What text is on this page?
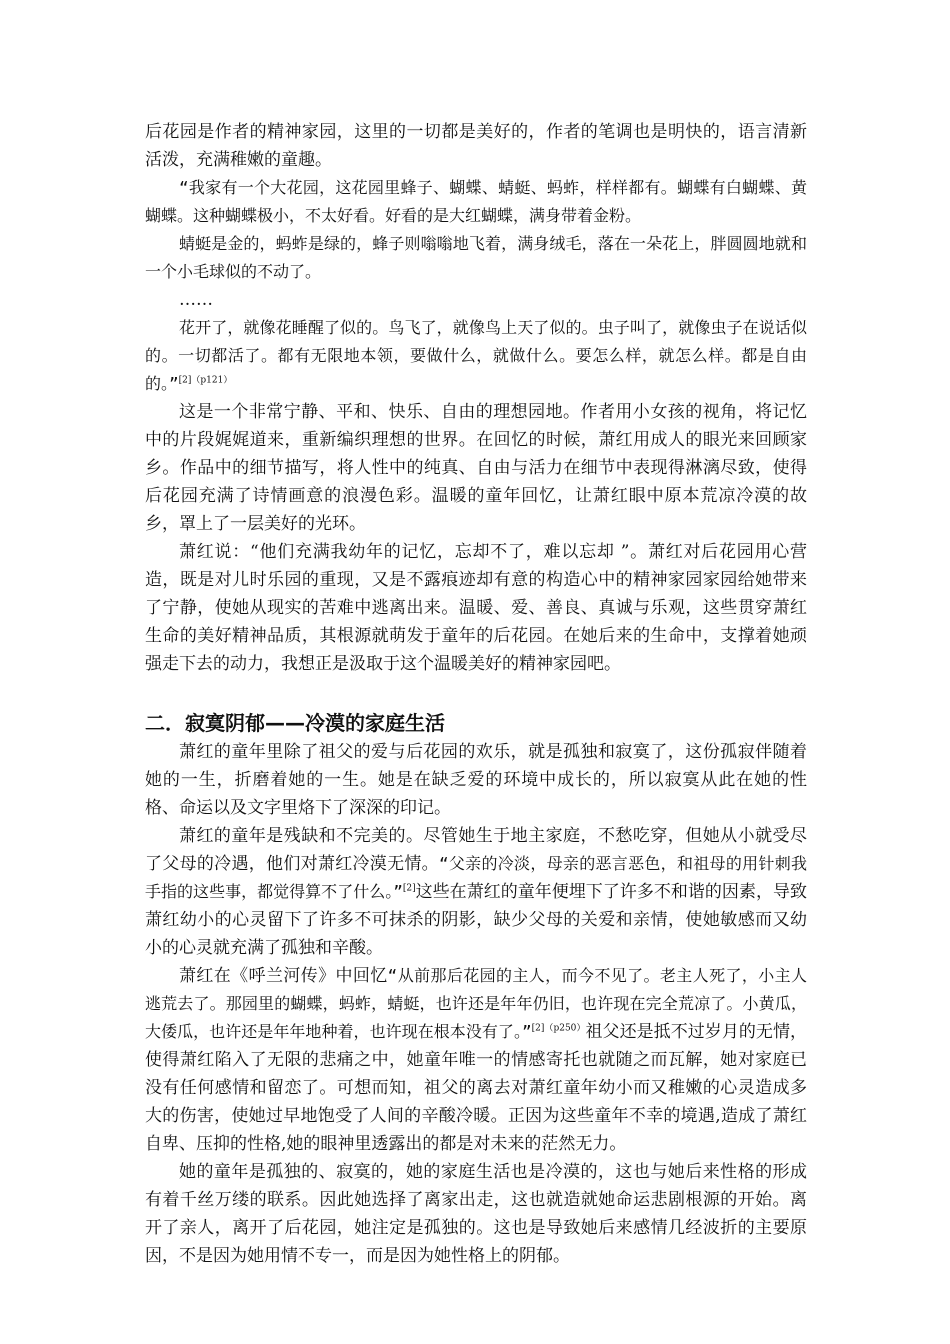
后花园是作者的精神家园，这里的一切都是美好的，作者的笔调也是明快的，语言清新活泼，充满稚嫩的童趣。

“我家有一个大花园，这花园里蜂子、蝴蝶、蜻蜓、蚂蚱，样样都有。蝴蝶有白蝴蝶、黄蝴蝶。这种蝴蝶极小，不太好看。好看的是大红蝴蝶，满身带着金粉。

蜻蜓是金的，蚂蚱是绿的，蜂子则嗡嗡地飞着，满身绒毛，落在一朵花上，胖圆圆地就和一个小毛球似的不动了。

……

花开了，就像花睡醒了似的。鸟飞了，就像鸟上天了似的。虫子叫了，就像虫子在说话似的。一切都活了。都有无限地本领，要做什么，就做什么。要怎么样，就怎么样。都是自由的。”$^{[2](p121)}$

这是一个非常宁静、平和、快乐、自由的理想园地。作者用小女孩的视角，将记忆中的片段娓娓道来，重新编织理想的世界。在回忆的时候，萧红用成人的眼光来回顾家乡。作品中的细节描写，将人性中的纯真、自由与活力在细节中表现得淋漓尽致，使得后花园充满了诗情画意的浪漫色彩。温暖的童年回忆，让萧红眼中原本荒凉冷漠的故乡，罩上了一层美好的光环。

萧红说：“他们充满我幼年的记忆，忘却不了，难以忘却 ”。萧红对后花园用心营造，既是对儿时乐园的重现，又是不露痕迹却有意的构造心中的精神家园家园给她带来了宁静，使她从现实的苦难中逃离出来。温暖、爱、善良、真诚与乐观，这些贯穿萧红生命的美好精神品质，其根源就萌发于童年的后花园。在她后来的生命中，支撑着她顽强走下去的动力，我想正是汲取于这个温暖美好的精神家园吧。

二．寂寞阴郁——冷漠的家庭生活

萧红的童年里除了祖父的爱与后花园的欢乐，就是孤独和寂寞了，这份孤寂伴随着她的一生，折磨着她的一生。她是在缺乏爱的环境中成长的，所以寂寞从此在她的性格、命运以及文字里烙下了深深的印记。

萧红的童年是残缺和不完美的。尽管她生于地主家庭，不愁吃穿，但她从小就受尽了父母的冷遇，他们对萧红冷漠无情。“父亲的冷淡，母亲的恶言恶色，和祖母的用针刺我手指的这些事，都觉得算不了什么。”[2]这些在萧红的童年便埋下了许多不和谐的因素，导致萧红幼小的心灵留下了许多不可抹杀的阴影，缺少父母的关爱和亲情，使她敏感而又幼小的心灵就充满了孤独和辛酸。

萧红在《呼兰河传》中回忆“从前那后花园的主人，而今不见了。老主人死了，小主人逃荒去了。那园里的蝴蝶，蚂蚱，蜻蜓，也许还是年年仍旧，也许现在完全荒凉了。小黄瓜，大倭瓜，也许还是年年地种着，也许现在根本没有了。”$^{[2](p250)}$祖父还是抵不过岁月的无情，使得萧红陷入了无限的悲痛之中，她童年唯一的情感寄托也就随之而瓦解，她对家庭已没有任何感情和留恋了。可想而知，祖父的离去对萧红童年幼小而又稚嫩的心灵造成多大的伤害，使她过早地饱受了人间的辛酸冷暖。正因为这些童年不幸的境遇,造成了萧红自卑、压抑的性格,她的眼神里透露出的都是对未来的茫然无力。

她的童年是孤独的、寂寞的，她的家庭生活也是冷漠的，这也与她后来性格的形成有着千丝万缕的联系。因此她选择了离家出走，这也就造就她命运悲剧根源的开始。离开了亲人，离开了后花园，她注定是孤独的。这也是导致她后来感情几经波折的主要原因，不是因为她用情不专一，而是因为她性格上的阴郁。
